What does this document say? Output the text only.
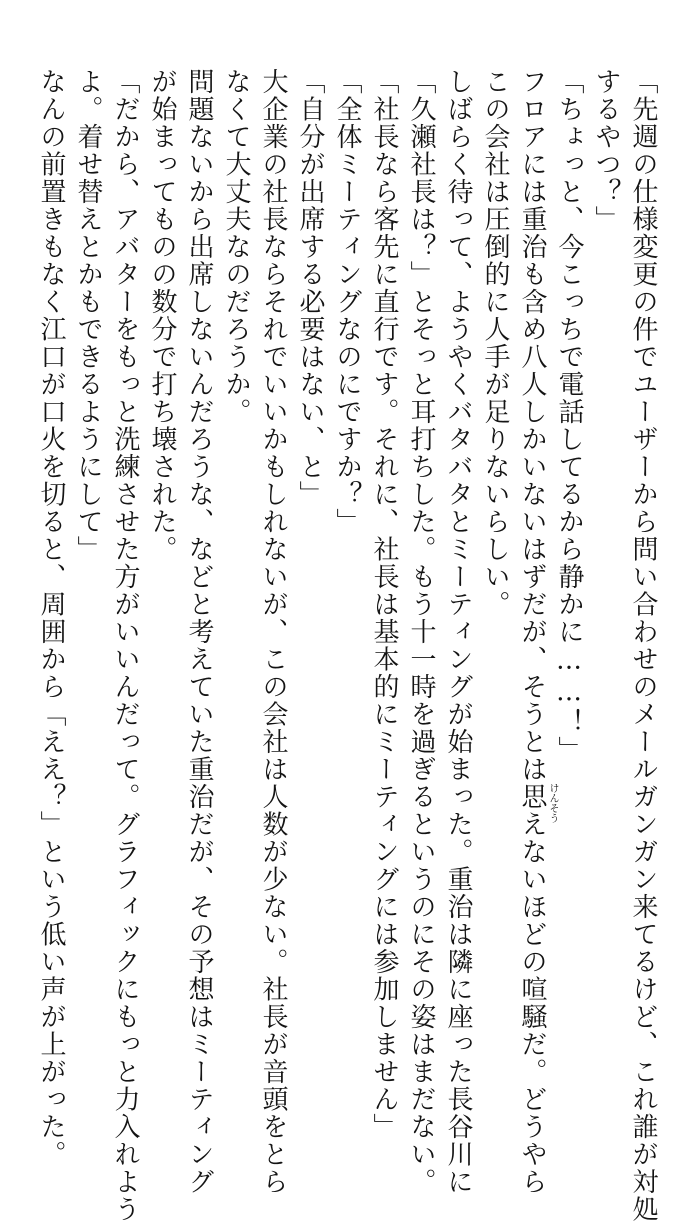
「先週の仕様変更の件でユーザーから問い合わせのメールガンガン来てるけど、これ誰が対処
するやつ？」
「ちょっと、今こっちで電話してるから静かに……！」
フロアには重治も含め八人しかいないはずだが、そうとは思えないほどの喧騒だ。どうやら
この会社は圧倒的に人手が足りないらしい。
しばらく待って、ようやくバタバタとミーティングが始まった。重治は隣に座った長谷川に
「久瀬社長は？」とそっと耳打ちした。もう十一時を過ぎるというのにその姿はまだない。
「社長なら客先に直行です。それに、社長は基本的にミーティングには参加しません」
「全体ミーティングなのにですか？」
「自分が出席する必要はない、と」
大企業の社長ならそれでいいかもしれないが、この会社は人数が少ない。社長が音頭をとら
なくて大丈夫なのだろうか。
問題ないから出席しないんだろうな、などと考えていた重治だが、その予想はミーティング
が始まってものの数分で打ち壊された。
「だから、アバターをもっと洗練させた方がいいんだって。グラフィックにもっと力入れよう
よ。着せ替えとかもできるようにして」
なんの前置きもなく江口が口火を切ると、周囲から「ええ？」という低い声が上がった。	けんそう
